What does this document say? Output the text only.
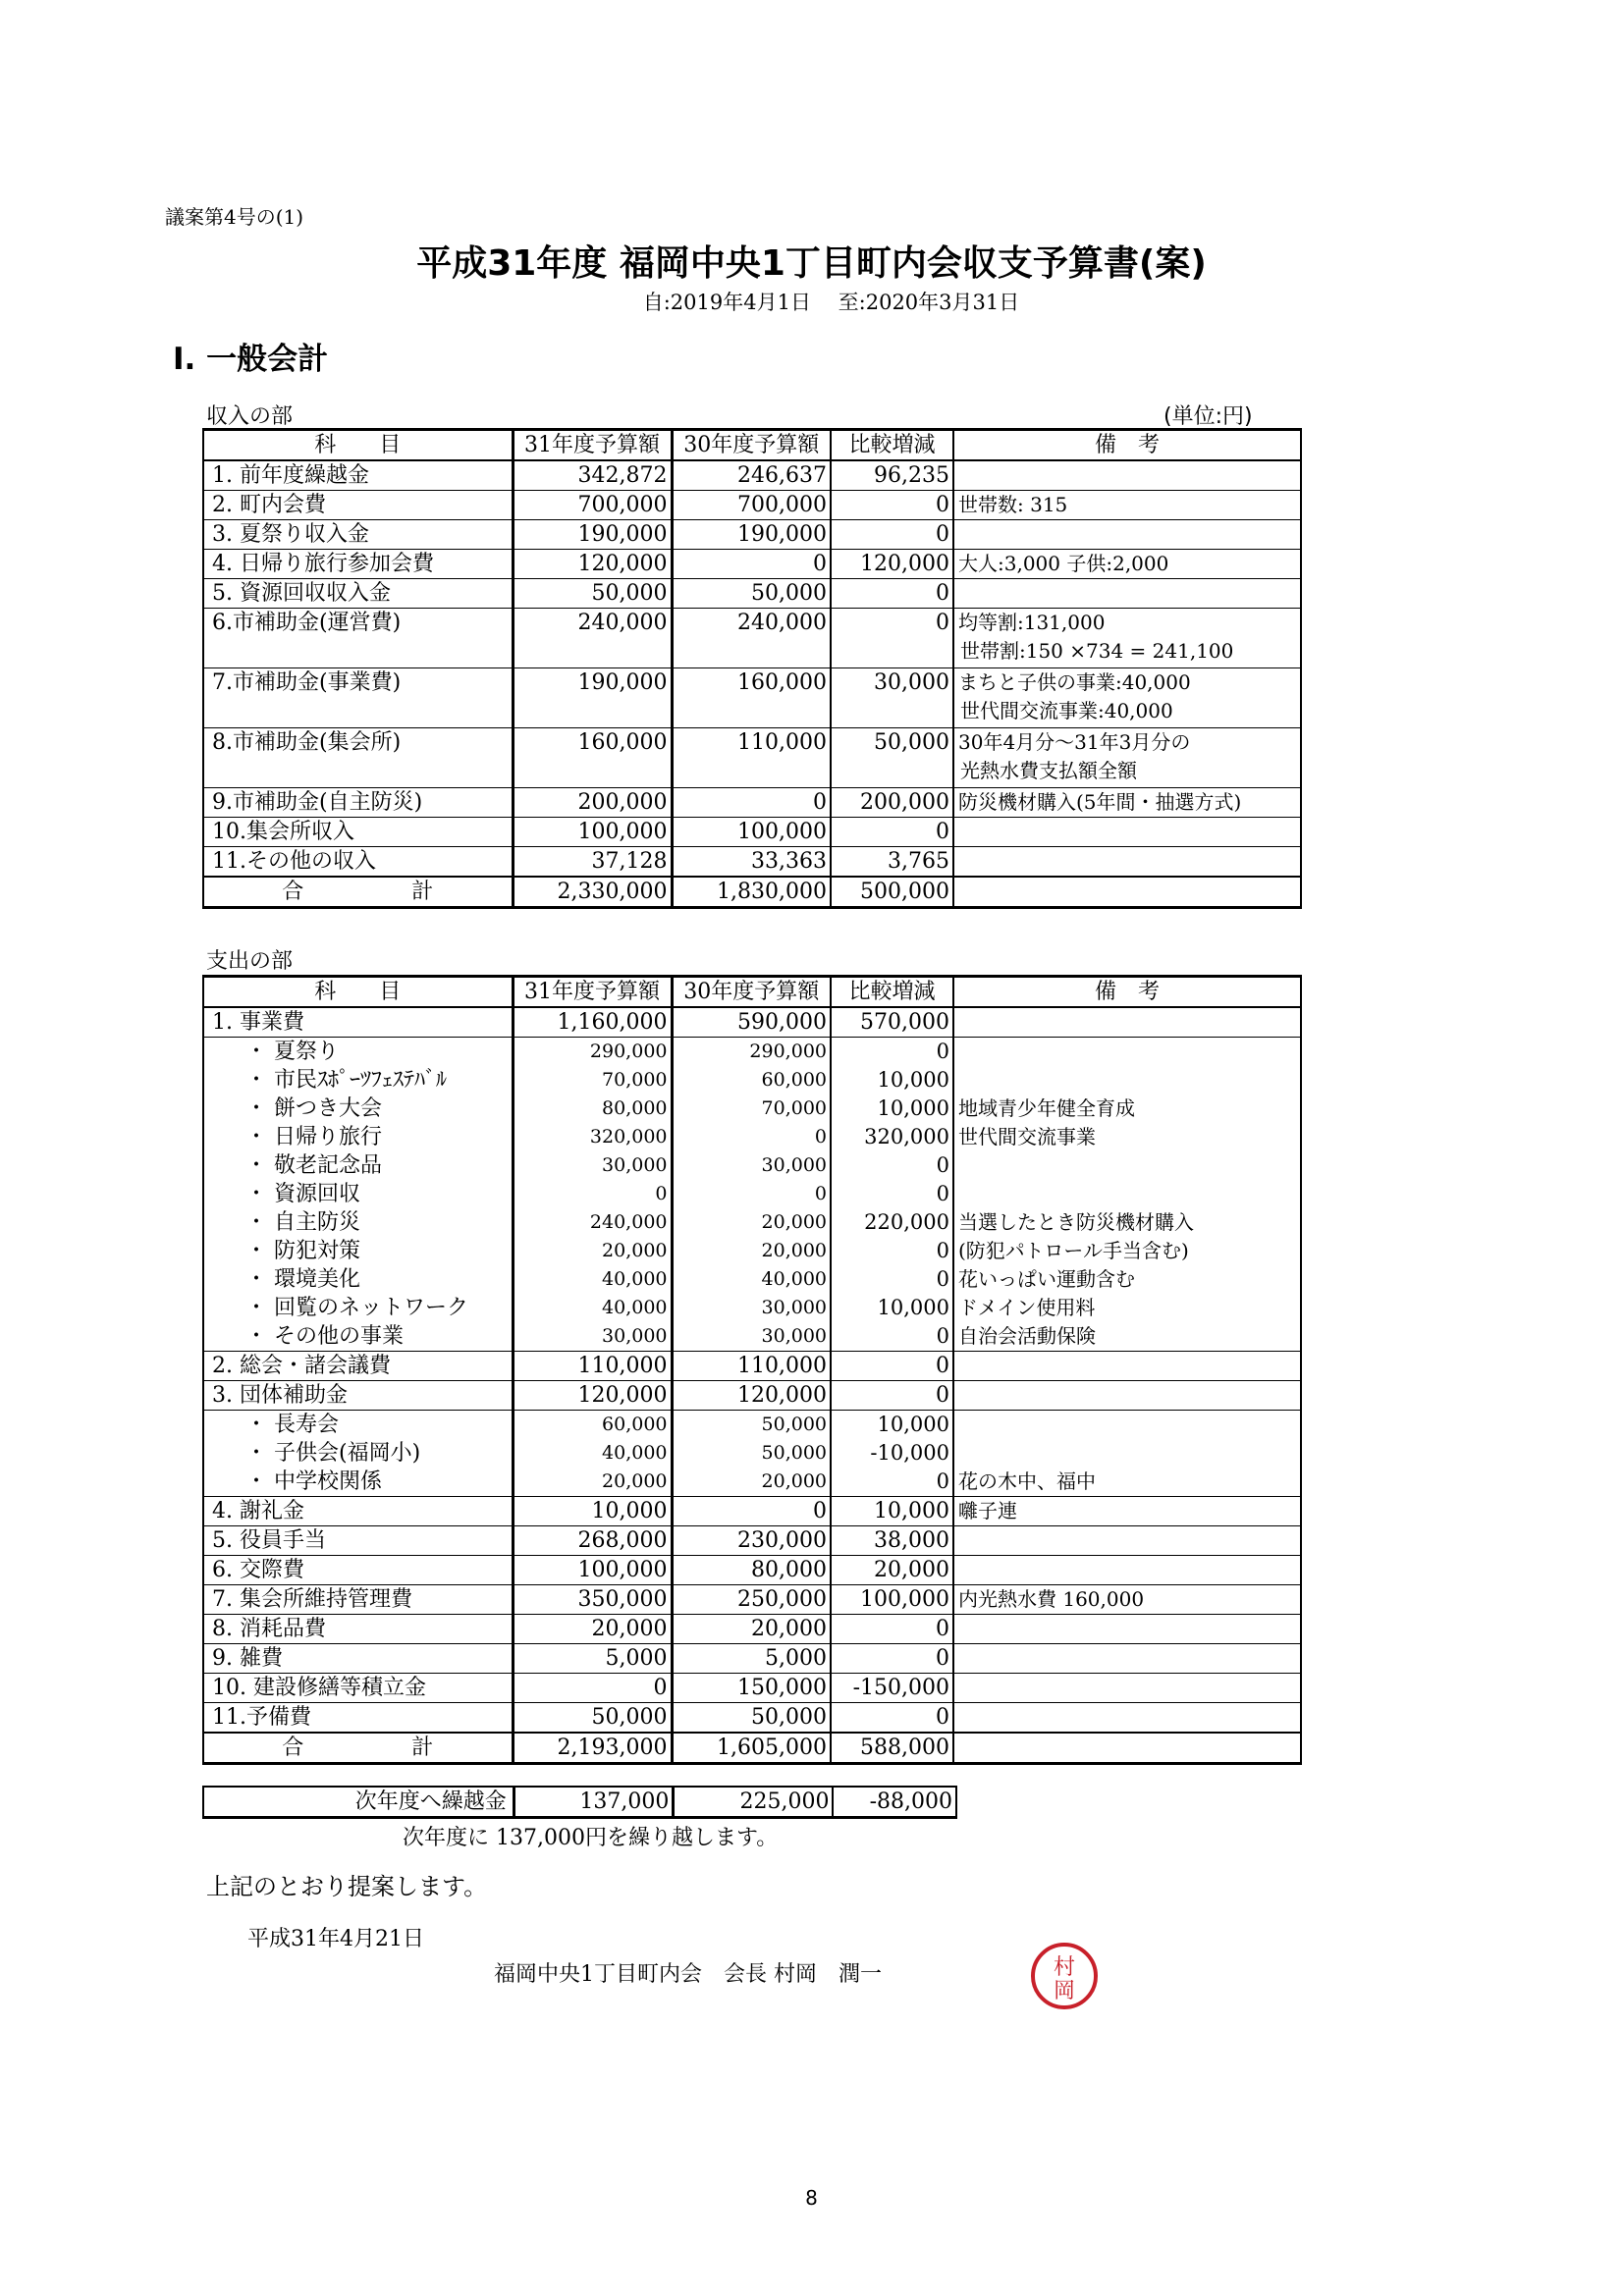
議案第4号の(1)
平成31年度 福岡中央1丁目町内会収支予算書(案)
自:2019年4月1日　 至:2020年3月31日
Ⅰ. 一般会計
収入の部	(単位:円)
科　　目	31年度予算額	30年度予算額	比較増減	備　考
1. 前年度繰越金	342,872	246,637	96,235	

2. 町内会費	700,000	700,000	0	世帯数: 315

3. 夏祭り収入金	190,000	190,000	0	

4. 日帰り旅行参加会費	120,000	0	120,000	大人:3,000 子供:2,000

5. 資源回収収入金	50,000	50,000	0	

6.市補助金(運営費)	240,000	240,000	0	均等割:131,000
世帯割:150 ×734 = 241,100

7.市補助金(事業費)	190,000	160,000	30,000	まちと子供の事業:40,000
世代間交流事業:40,000

8.市補助金(集会所)	160,000	110,000	50,000	30年4月分～31年3月分の
光熱水費支払額全額

9.市補助金(自主防災)	200,000	0	200,000	防災機材購入(5年間・抽選方式)

10.集会所収入	100,000	100,000	0	

11.その他の収入	37,128	33,363	3,765	

合　　　　　計	2,330,000	1,830,000	500,000	
支出の部
科　　目	31年度予算額	30年度予算額	比較増減	備　考
1. 事業費	1,160,000	590,000	570,000	
・ 夏祭り	290,000	290,000	0	
・ 市民ｽﾎﾟｰﾂﾌｪｽﾃﾊﾞﾙ	70,000	60,000	10,000	
・ 餅つき大会	80,000	70,000	10,000	地域青少年健全育成
・ 日帰り旅行	320,000	0	320,000	世代間交流事業
・ 敬老記念品	30,000	30,000	0	
・ 資源回収	0	0	0	
・ 自主防災	240,000	20,000	220,000	当選したとき防災機材購入
・ 防犯対策	20,000	20,000	0	(防犯パトロール手当含む)
・ 環境美化	40,000	40,000	0	花いっぱい運動含む
・ 回覧のネットワーク	40,000	30,000	10,000	ドメイン使用料
・ その他の事業	30,000	30,000	0	自治会活動保険
2. 総会・諸会議費	110,000	110,000	0	
3. 団体補助金	120,000	120,000	0	
・ 長寿会	60,000	50,000	10,000	
・ 子供会(福岡小)	40,000	50,000	-10,000	
・ 中学校関係	20,000	20,000	0	花の木中、福中
4. 謝礼金	10,000	0	10,000	囃子連
5. 役員手当	268,000	230,000	38,000	
6. 交際費	100,000	80,000	20,000	
7. 集会所維持管理費	350,000	250,000	100,000	内光熱水費 160,000
8. 消耗品費	20,000	20,000	0	
9. 雑費	5,000	5,000	0	
10. 建設修繕等積立金	0	150,000	-150,000	
11.予備費	50,000	50,000	0	
合　　　　　計	2,193,000	1,605,000	588,000	
次年度へ繰越金	137,000	225,000	-88,000
次年度に 137,000円を繰り越します。
上記のとおり提案します。
平成31年4月21日
福岡中央1丁目町内会　会長 村岡　潤一	村
岡
8
